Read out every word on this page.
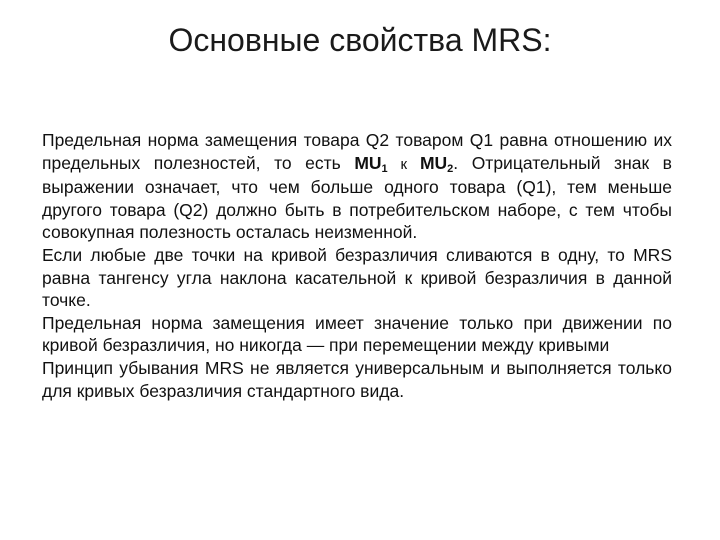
Основные свойства MRS:

Предельная норма замещения товара Q2 товаром Q1 равна отношению их предельных полезностей, то есть $MU_1$ к $MU_2$. Отрицательный знак в выражении означает, что чем больше одного товара (Q1), тем меньше другого товара (Q2) должно быть в потребительском наборе, с тем чтобы совокупная полезность осталась неизменной.

Если любые две точки на кривой безразличия сливаются в одну, то MRS равна тангенсу угла наклона касательной к кривой безразличия в данной точке.

Предельная норма замещения имеет значение только при движении по кривой безразличия, но никогда — при перемещении между кривыми

Принцип убывания MRS не является универсальным и выполняется только для кривых безразличия стандартного вида.
